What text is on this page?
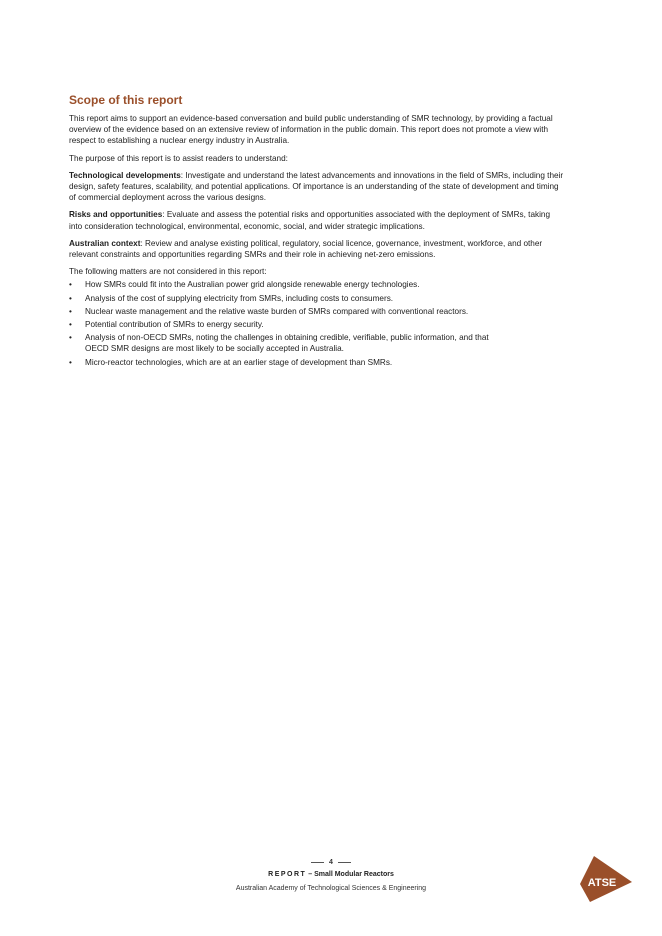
Scope of this report

This report aims to support an evidence-based conversation and build public understanding of SMR technology, by providing a factual overview of the evidence based on an extensive review of information in the public domain. This report does not promote a view with respect to establishing a nuclear energy industry in Australia.

The purpose of this report is to assist readers to understand:

Technological developments: Investigate and understand the latest advancements and innovations in the field of SMRs, including their design, safety features, scalability, and potential applications. Of importance is an understanding of the state of development and timing of commercial deployment across the various designs.

Risks and opportunities: Evaluate and assess the potential risks and opportunities associated with the deployment of SMRs, taking into consideration technological, environmental, economic, social, and wider strategic implications.

Australian context: Review and analyse existing political, regulatory, social licence, governance, investment, workforce, and other relevant constraints and opportunities regarding SMRs and their role in achieving net-zero emissions.

The following matters are not considered in this report:

• How SMRs could fit into the Australian power grid alongside renewable energy technologies.
• Analysis of the cost of supplying electricity from SMRs, including costs to consumers.
• Nuclear waste management and the relative waste burden of SMRs compared with conventional reactors.
• Potential contribution of SMRs to energy security.
• Analysis of non-OECD SMRs, noting the challenges in obtaining credible, verifiable, public information, and that OECD SMR designs are most likely to be socially accepted in Australia.
• Micro-reactor technologies, which are at an earlier stage of development than SMRs.
4
REPORT – Small Modular Reactors
Australian Academy of Technological Sciences & Engineering	ATSE
